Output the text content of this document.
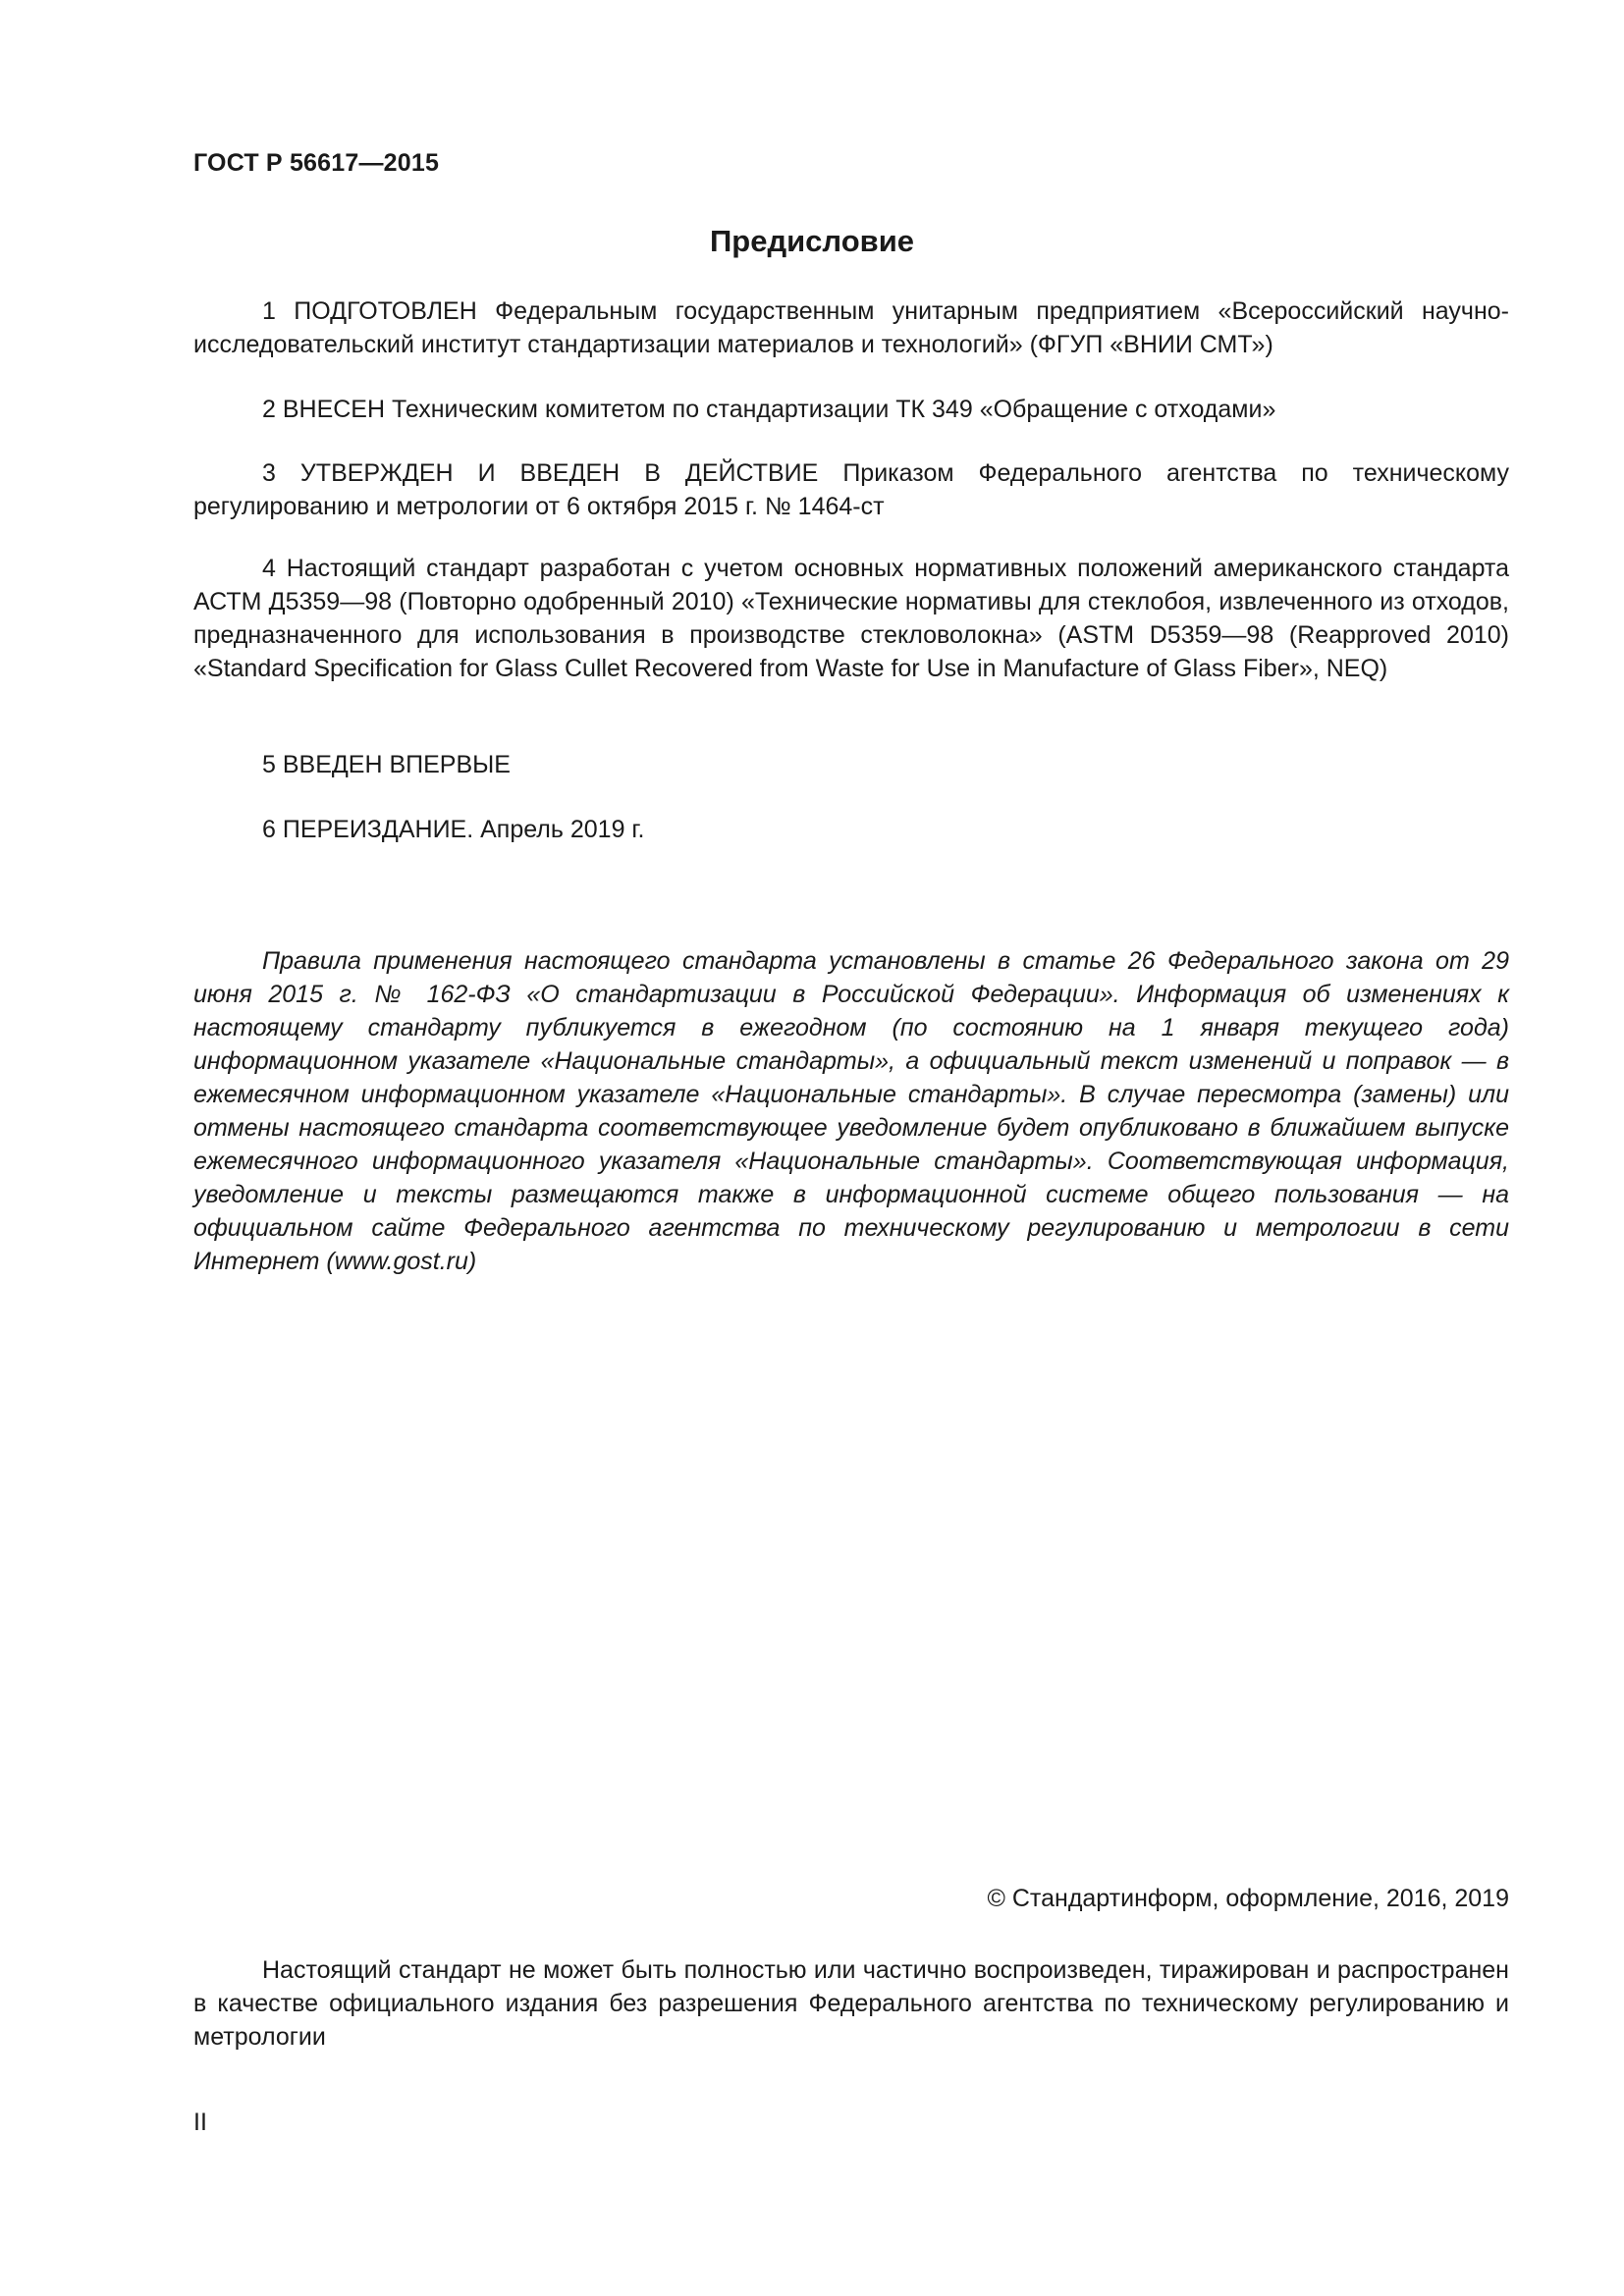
ГОСТ Р 56617—2015
Предисловие

1 ПОДГОТОВЛЕН Федеральным государственным унитарным предприятием «Всероссийский научно-исследовательский институт стандартизации материалов и технологий» (ФГУП «ВНИИ СМТ»)

2 ВНЕСЕН Техническим комитетом по стандартизации ТК 349 «Обращение с отходами»

3 УТВЕРЖДЕН И ВВЕДЕН В ДЕЙСТВИЕ Приказом Федерального агентства по техническому регулированию и метрологии от 6 октября 2015 г. № 1464-ст

4 Настоящий стандарт разработан с учетом основных нормативных положений американского стандарта АСТМ Д5359—98 (Повторно одобренный 2010) «Технические нормативы для стеклобоя, извлеченного из отходов, предназначенного для использования в производстве стекловолокна» (ASTM D5359—98 (Reapproved 2010) «Standard Specification for Glass Cullet Recovered from Waste for Use in Manufacture of Glass Fiber», NEQ)

5 ВВЕДЕН ВПЕРВЫЕ

6 ПЕРЕИЗДАНИЕ. Апрель 2019 г.

Правила применения настоящего стандарта установлены в статье 26 Федерального закона от 29 июня 2015 г. № 162-ФЗ «О стандартизации в Российской Федерации». Информация об изменениях к настоящему стандарту публикуется в ежегодном (по состоянию на 1 января текущего года) информационном указателе «Национальные стандарты», а официальный текст изменений и поправок — в ежемесячном информационном указателе «Национальные стандарты». В случае пересмотра (замены) или отмены настоящего стандарта соответствующее уведомление будет опубликовано в ближайшем выпуске ежемесячного информационного указателя «Национальные стандарты». Соответствующая информация, уведомление и тексты размещаются также в информационной системе общего пользования — на официальном сайте Федерального агентства по техническому регулированию и метрологии в сети Интернет (www.gost.ru)

© Стандартинформ, оформление, 2016, 2019

Настоящий стандарт не может быть полностью или частично воспроизведен, тиражирован и распространен в качестве официального издания без разрешения Федерального агентства по техническому регулированию и метрологии

II
